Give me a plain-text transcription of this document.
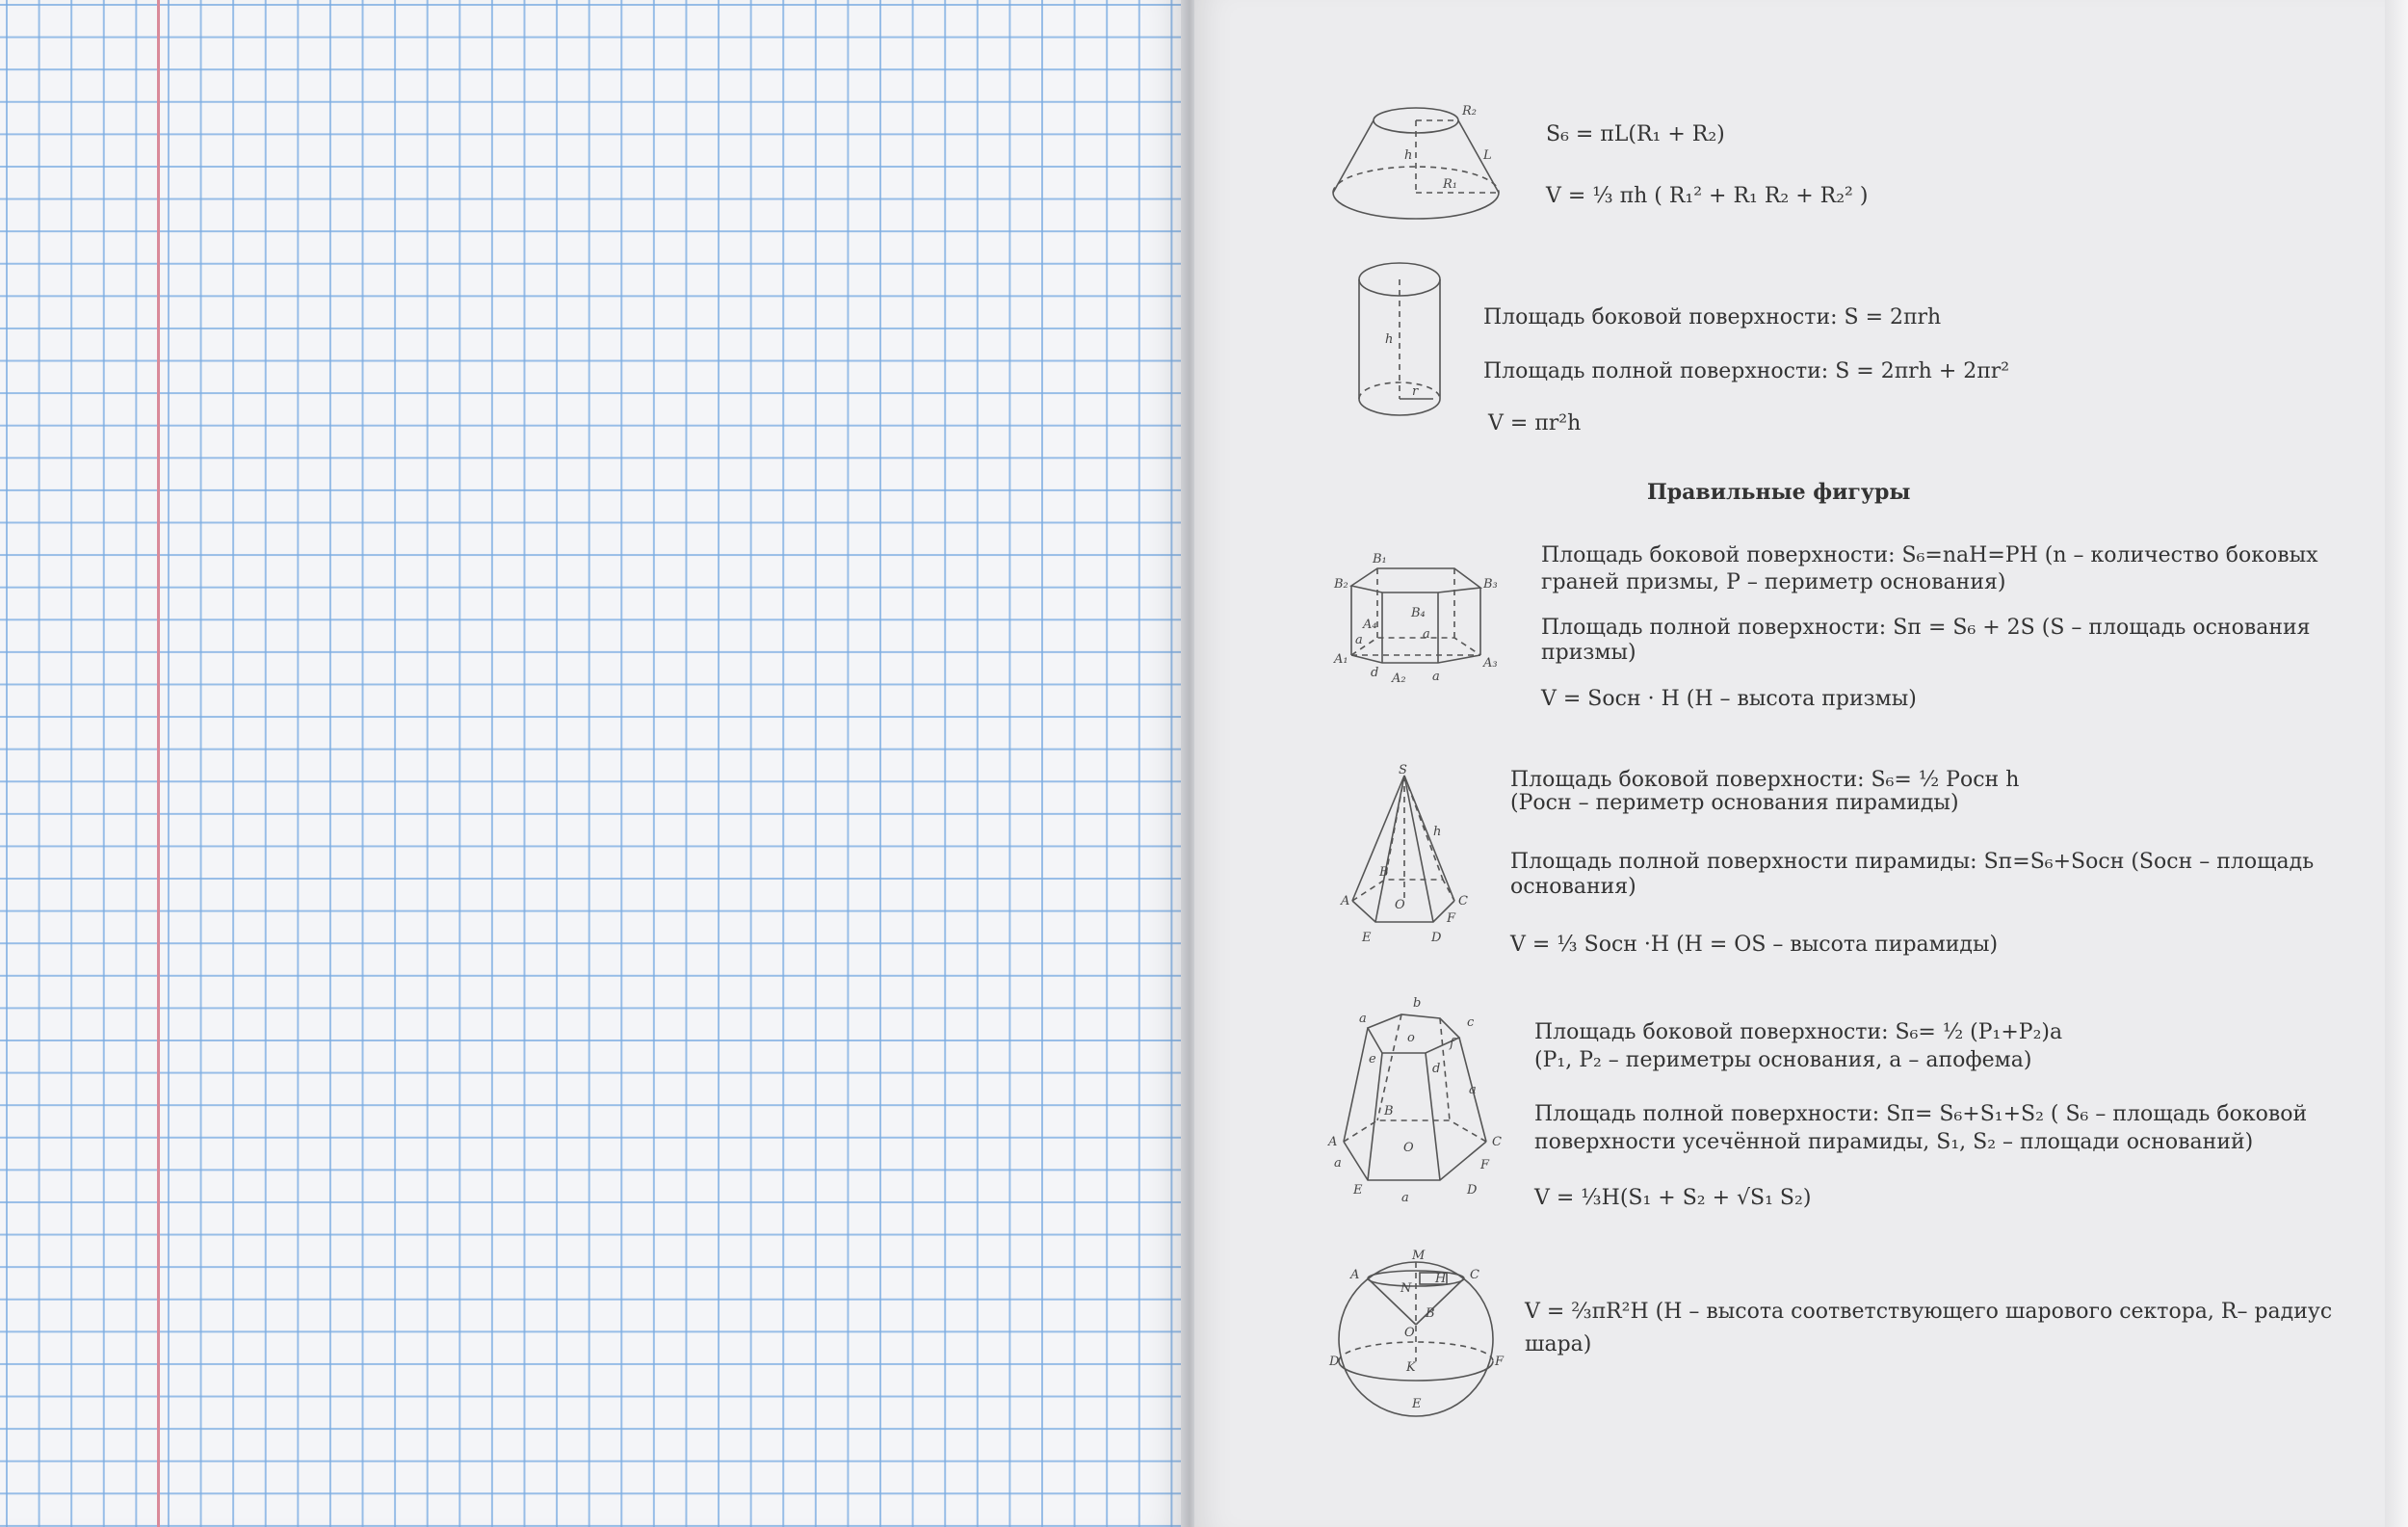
R₂
L
h
R₁
S₆ = πL(R₁ + R₂)
V = ⅓ πh ( R₁² + R₁ R₂ + R₂² )
h
r
Площадь боковой поверхности: S = 2πrh
Площадь полной поверхности: S = 2πrh + 2πr²
V = πr²h
Правильные фигуры
B₁
B₂	B₃
B₄
a
a
A₄
A₁
A₂
A₃
d	a
Площадь боковой поверхности: S₆=naH=PH (n – количество боковых
граней призмы, P – периметр основания)
Площадь полной поверхности: Sп = S₆ + 2S (S – площадь основания
призмы)
V = Sосн · H (H – высота призмы)
S
h
B
A	O	C
F
E	D
Площадь боковой поверхности: S₆= ½ Pосн h
(Pосн – периметр основания пирамиды)
Площадь полной поверхности пирамиды: Sп=S₆+Sосн (Sосн – площадь
основания)
V = ⅓ Sосн ·H (H = OS – высота пирамиды)
b
a	c
o	f
e
d
a
B
A	C
a
O
F
E	D
a
Площадь боковой поверхности: S₆= ½ (P₁+P₂)a
(P₁, P₂ – периметры основания, a – апофема)
Площадь полной поверхности: Sп= S₆+S₁+S₂ ( S₆ – площадь боковой
поверхности усечённой пирамиды, S₁, S₂ – площади оснований)
V = ⅓H(S₁ + S₂ + √S₁ S₂)
M
A	H C
N
B
O
D	K	F
E
V = ⅔πR²H (H – высота соответствующего шарового сектора, R– радиус
шара)
